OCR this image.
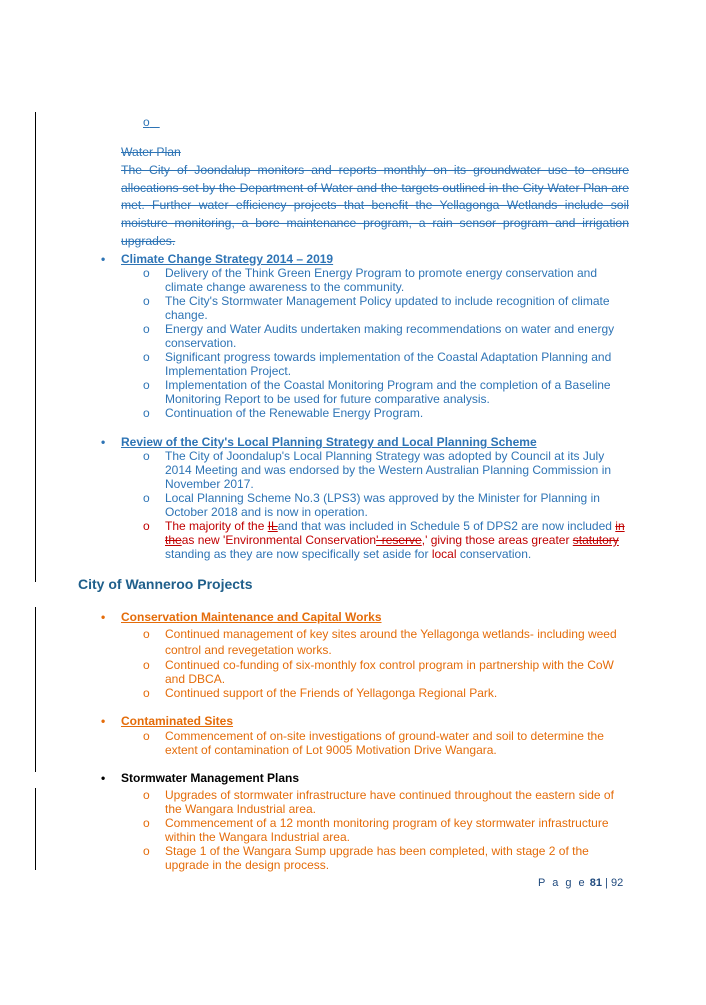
o
Water Plan
The City of Joondalup monitors and reports monthly on its groundwater use to ensure allocations set by the Department of Water and the targets outlined in the City Water Plan are met. Further water efficiency projects that benefit the Yellagonga Wetlands include soil moisture monitoring, a bore maintenance program, a rain sensor program and irrigation upgrades.
• Climate Change Strategy 2014 – 2019
o Delivery of the Think Green Energy Program to promote energy conservation and climate change awareness to the community.
o The City's Stormwater Management Policy updated to include recognition of climate change.
o Energy and Water Audits undertaken making recommendations on water and energy conservation.
o Significant progress towards implementation of the Coastal Adaptation Planning and Implementation Project.
o Implementation of the Coastal Monitoring Program and the completion of a Baseline Monitoring Report to be used for future comparative analysis.
o Continuation of the Renewable Energy Program.
• Review of the City's Local Planning Strategy and Local Planning Scheme
o The City of Joondalup's Local Planning Strategy was adopted by Council at its July 2014 Meeting and was endorsed by the Western Australian Planning Commission in November 2017.
o Local Planning Scheme No.3 (LPS3) was approved by the Minister for Planning in October 2018 and is now in operation.
o The majority of the ILand that was included in Schedule 5 of DPS2 are now included in theas new 'Environmental Conservation' reserve,' giving those areas greater statutory standing as they are now specifically set aside for local conservation.
City of Wanneroo Projects
• Conservation Maintenance and Capital Works
o Continued management of key sites around the Yellagonga wetlands- including weed control and revegetation works.
o Continued co-funding of six-monthly fox control program in partnership with the CoW and DBCA.
o Continued support of the Friends of Yellagonga Regional Park.
• Contaminated Sites
o Commencement of on-site investigations of ground-water and soil to determine the extent of contamination of Lot 9005 Motivation Drive Wangara.
• Stormwater Management Plans
o Upgrades of stormwater infrastructure have continued throughout the eastern side of the Wangara Industrial area.
o Commencement of a 12 month monitoring program of key stormwater infrastructure within the Wangara Industrial area.
o Stage 1 of the Wangara Sump upgrade has been completed, with stage 2 of the upgrade in the design process.
P a g e 81 | 92
